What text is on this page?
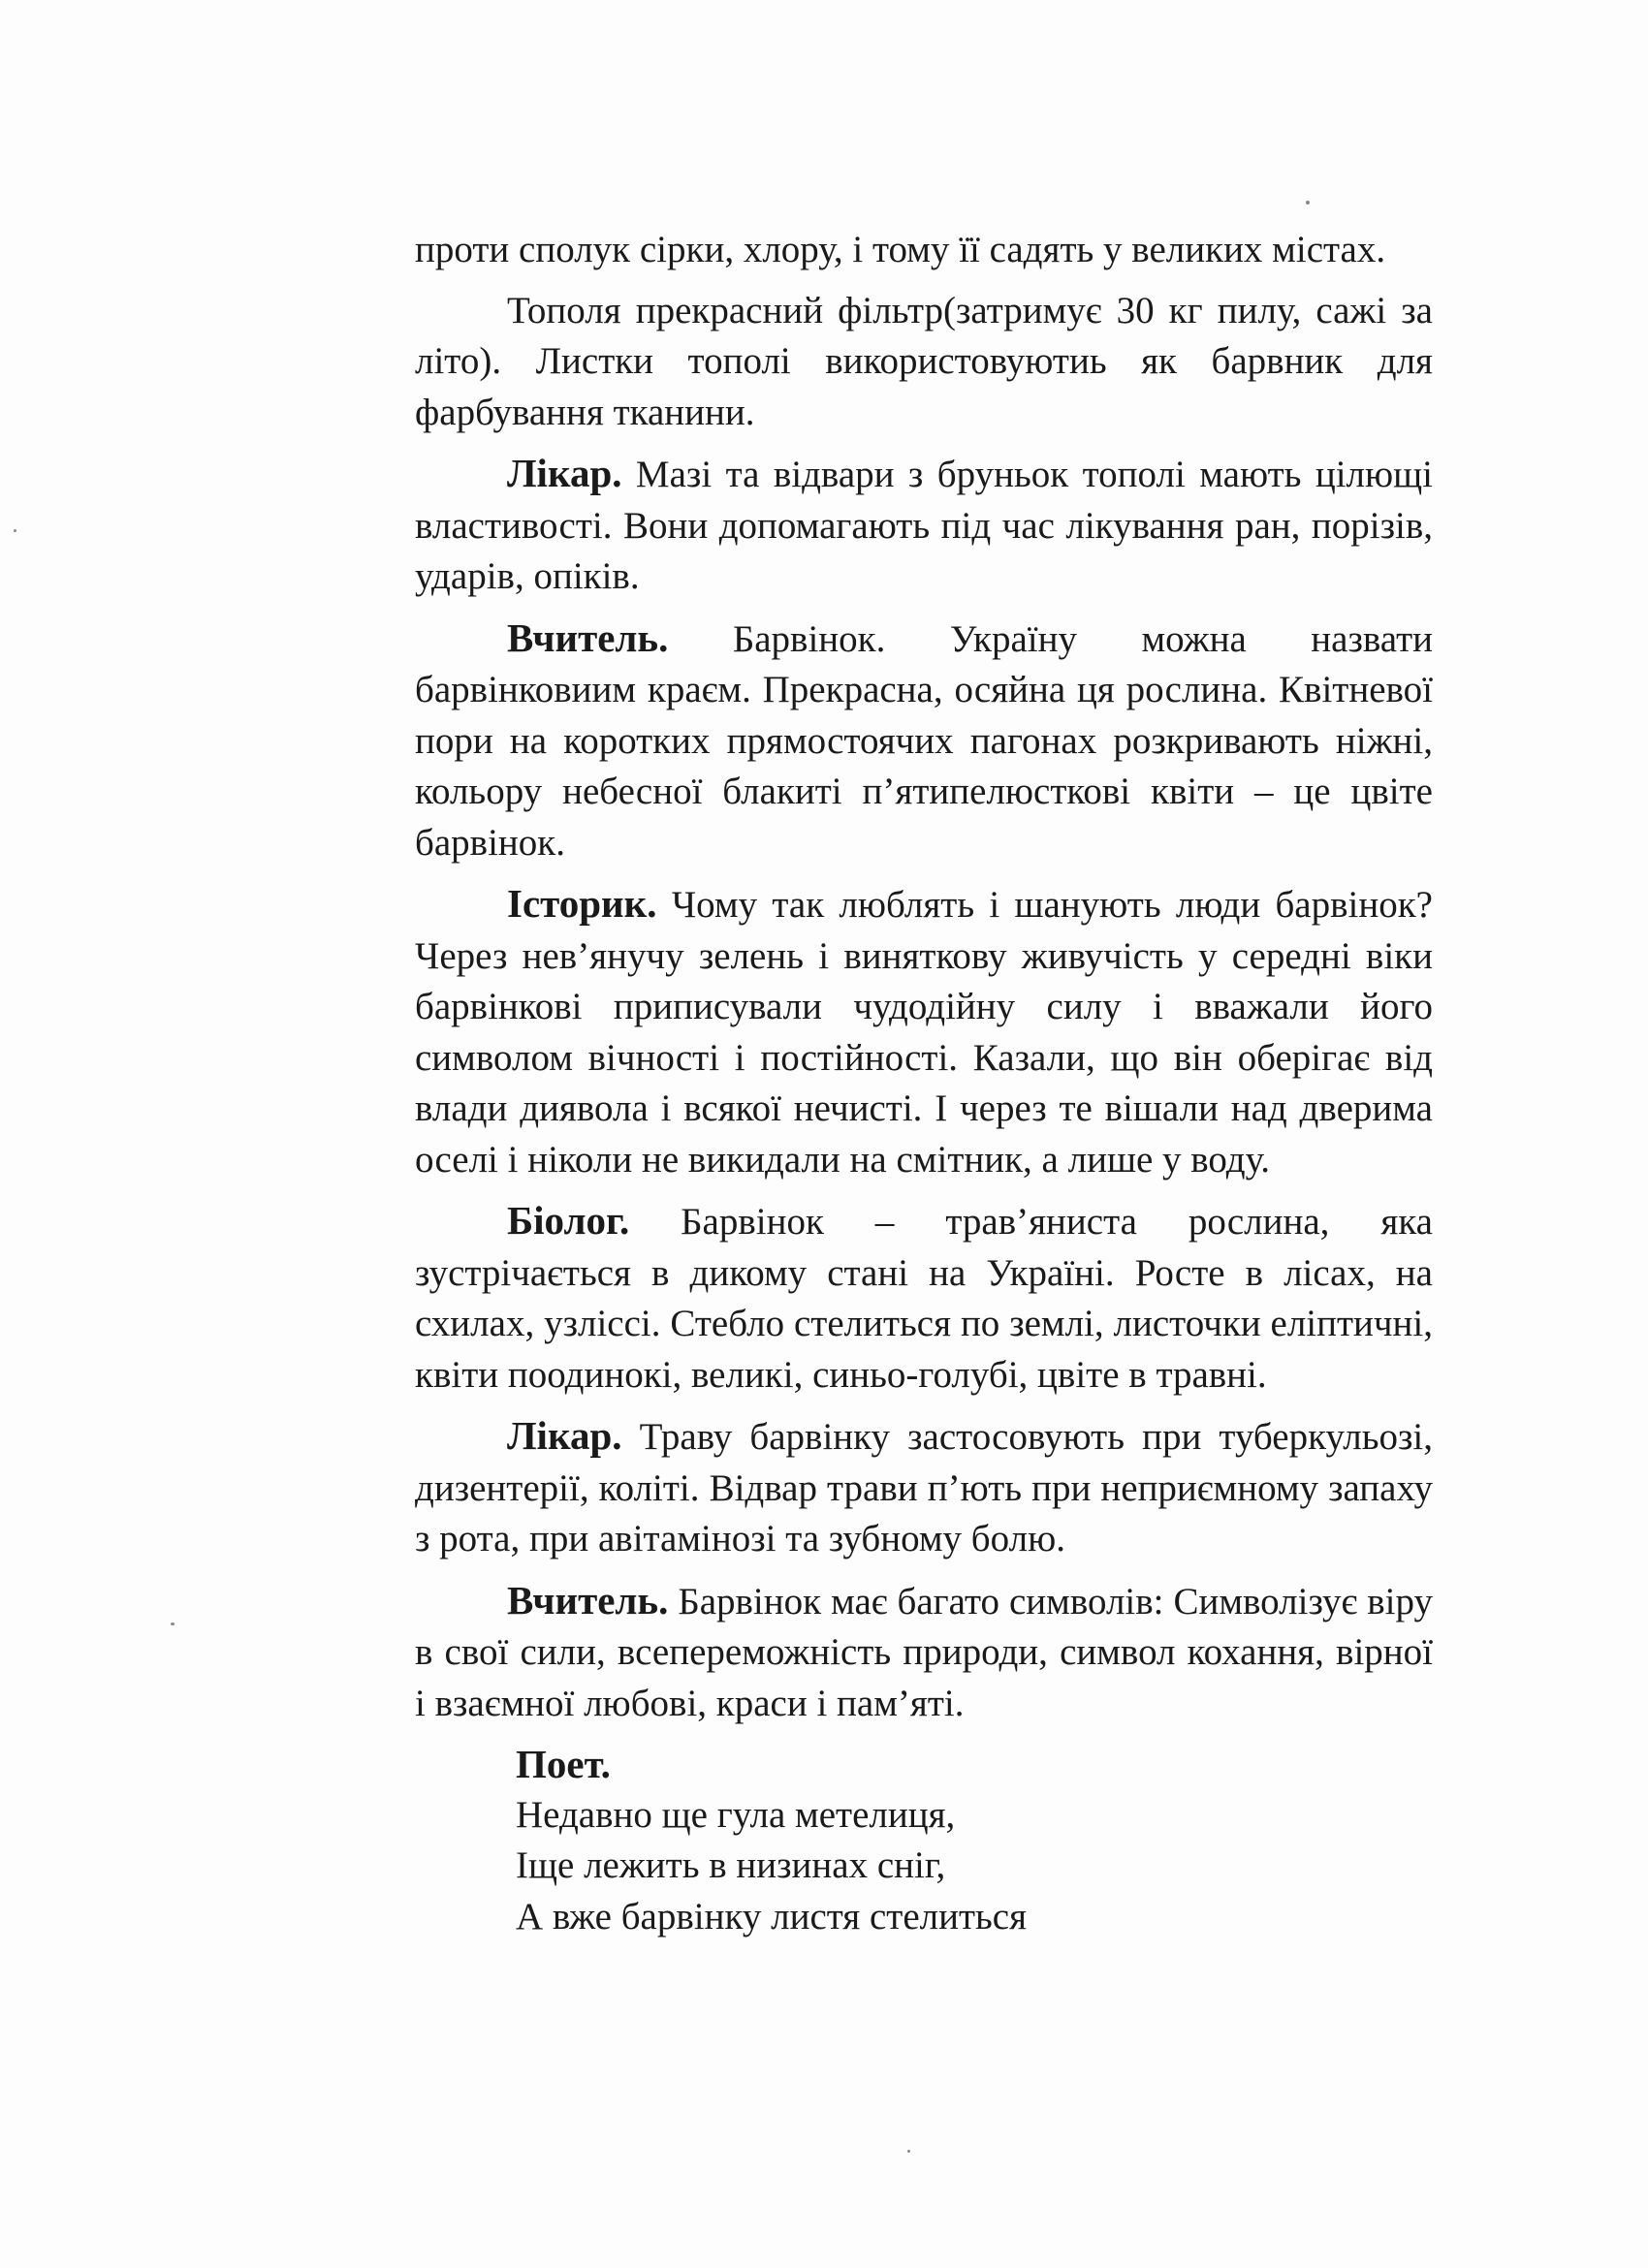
проти сполук сірки, хлору, і тому її садять у великих містах.

Тополя прекрасний фільтр(затримує 30 кг пилу, сажі за літо). Листки тополі використовуютиь як барвник для фарбування тканини.

Лікар. Мазі та відвари з бруньок тополі мають цілющі властивості. Вони допомагають під час лікування ран, порізів, ударів, опіків.

Вчитель. Барвінок. Україну можна назвати барвінковиим краєм. Прекрасна, осяйна ця рослина. Квітневої пори на коротких прямостоячих пагонах розкривають ніжні, кольору небесної блакиті п’ятипелюсткові квіти – це цвіте барвінок.

Історик. Чому так люблять і шанують люди барвінок? Через нев’янучу зелень і виняткову живучість у середні віки барвінкові приписували чудодійну силу і вважали його символом вічності і постійності. Казали, що він оберігає від влади диявола і всякої нечисті. І через те вішали над дверима оселі і ніколи не викидали на смітник, а лише у воду.

Біолог. Барвінок – трав’яниста рослина, яка зустрічається в дикому стані на Україні. Росте в лісах, на схилах, узліссі. Стебло стелиться по землі, листочки еліптичні, квіти поодинокі, великі, синьо-голубі, цвіте в травні.

Лікар. Траву барвінку застосовують при туберкульозі, дизентерії, коліті. Відвар трави п’ють при неприємному запаху з рота, при авітамінозі та зубному болю.

Вчитель. Барвінок має багато символів: Символізує віру в свої сили, всепереможність природи, символ кохання, вірної і взаємної любові, краси і пам’яті.

Поет.

Недавно ще гула метелиця,

Іще лежить в низинах сніг,

А вже барвінку листя стелиться
